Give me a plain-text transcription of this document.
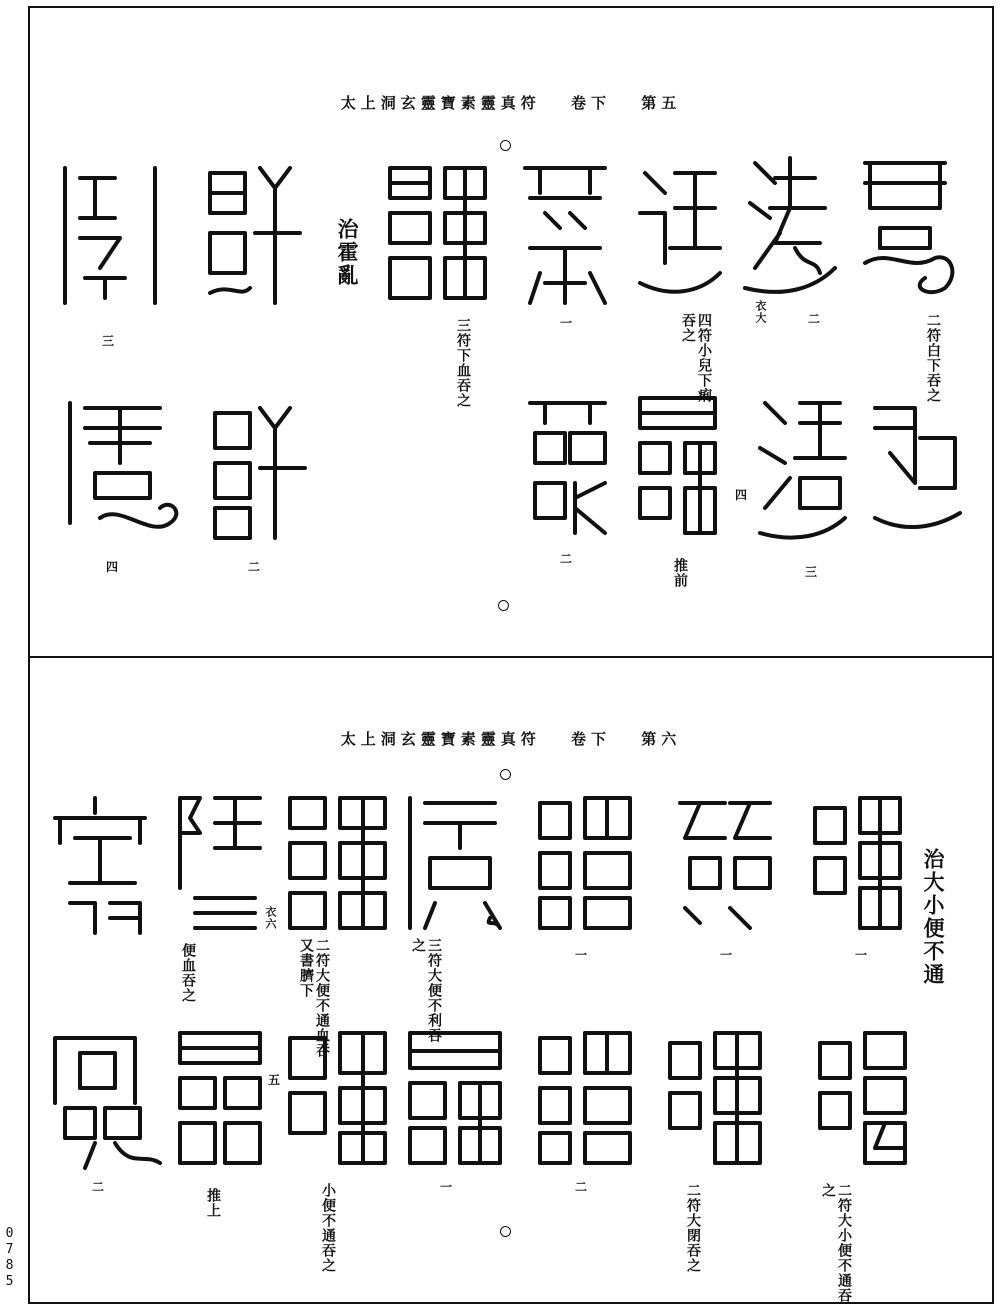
太上洞玄靈寶素靈真符 卷下 第五
二符白下吞之
四符小兒下痢吞之
三符下血吞之
衣大
推前
治霍亂
二
三
四
一
二
三
二
四
太上洞玄靈寶素靈真符 卷下 第六
治大小便不通
二符大小便不通吞之
二符大閉吞之
三符大便不利吞之
二符大便不通血吞又書臍下
便血吞之
小便不通吞之
推上
衣六
一
一
一
二
一
五
二
0785
